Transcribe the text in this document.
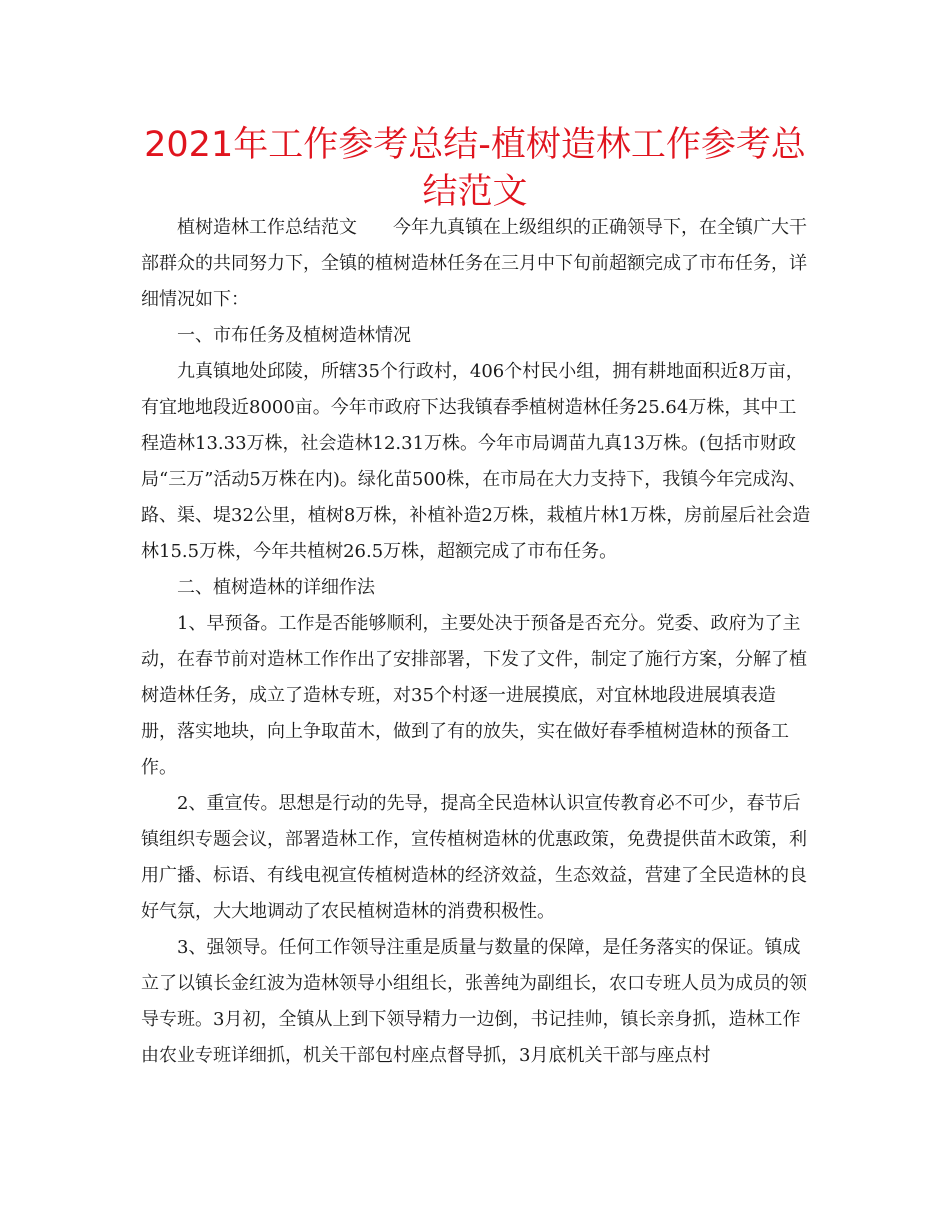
2021年工作参考总结-植树造林工作参考总结范文

植树造林工作总结范文 今年九真镇在上级组织的正确领导下，在全镇广大干部群众的共同努力下，全镇的植树造林任务在三月中下旬前超额完成了市布任务，详细情况如下：

一、市布任务及植树造林情况

九真镇地处邱陵，所辖35个行政村，406个村民小组，拥有耕地面积近8万亩，有宜地地段近8000亩。今年市政府下达我镇春季植树造林任务25.64万株，其中工程造林13.33万株，社会造林12.31万株。今年市局调苗九真13万株。(包括市财政局“三万”活动5万株在内)。绿化苗500株，在市局在大力支持下，我镇今年完成沟、路、渠、堤32公里，植树8万株，补植补造2万株，栽植片林1万株，房前屋后社会造林15.5万株，今年共植树26.5万株，超额完成了市布任务。

二、植树造林的详细作法

1、早预备。工作是否能够顺利，主要处决于预备是否充分。党委、政府为了主动，在春节前对造林工作作出了安排部署，下发了文件，制定了施行方案，分解了植树造林任务，成立了造林专班，对35个村逐一进展摸底，对宜林地段进展填表造册，落实地块，向上争取苗木，做到了有的放失，实在做好春季植树造林的预备工作。

2、重宣传。思想是行动的先导，提高全民造林认识宣传教育必不可少，春节后镇组织专题会议，部署造林工作，宣传植树造林的优惠政策，免费提供苗木政策，利用广播、标语、有线电视宣传植树造林的经济效益，生态效益，营建了全民造林的良好气氛，大大地调动了农民植树造林的消费积极性。

3、强领导。任何工作领导注重是质量与数量的保障，是任务落实的保证。镇成立了以镇长金红波为造林领导小组组长，张善纯为副组长，农口专班人员为成员的领导专班。3月初，全镇从上到下领导精力一边倒，书记挂帅，镇长亲身抓，造林工作由农业专班详细抓，机关干部包村座点督导抓，3月底机关干部与座点村
